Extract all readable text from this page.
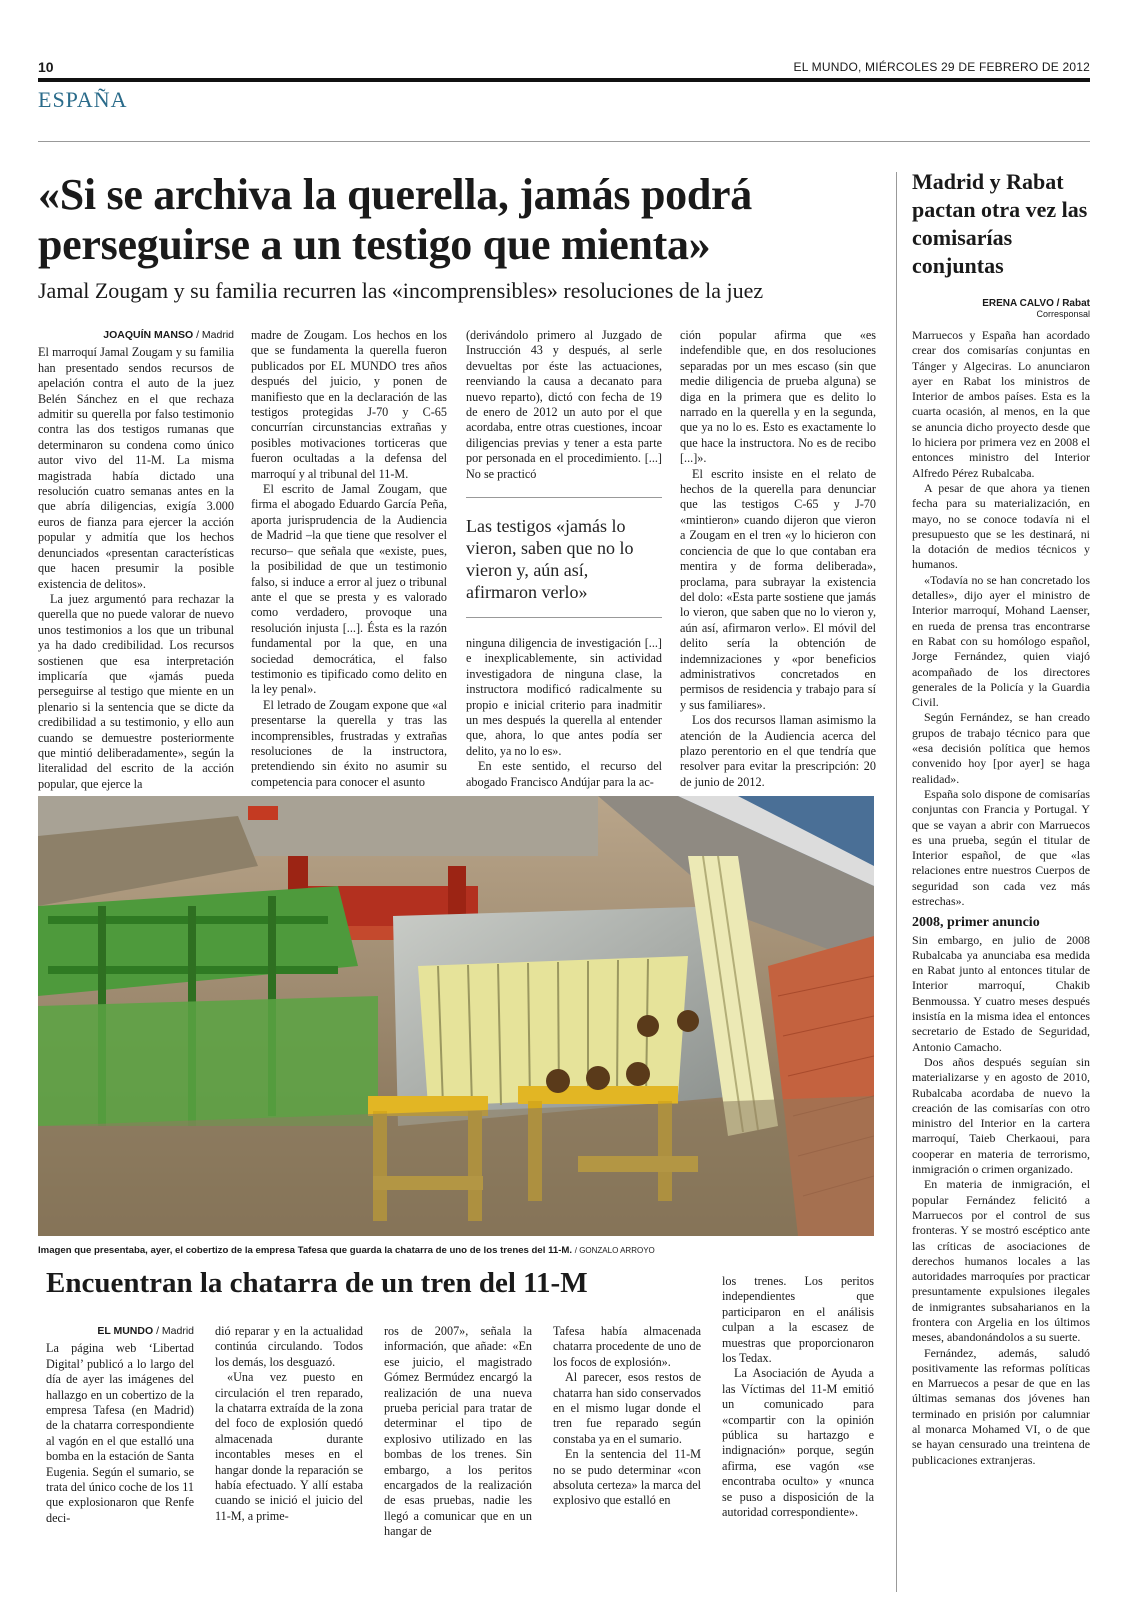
10	EL MUNDO, MIÉRCOLES 29 DE FEBRERO DE 2012
ESPAÑA
«Si se archiva la querella, jamás podrá perseguirse a un testigo que mienta»
Jamal Zougam y su familia recurren las «incomprensibles» resoluciones de la juez
JOAQUÍN MANSO / Madrid

El marroquí Jamal Zougam y su familia han presentado sendos recursos de apelación contra el auto de la juez Belén Sánchez en el que rechaza admitir su querella por falso testimonio contra las dos testigos rumanas que determinaron su condena como único autor vivo del 11-M. La misma magistrada había dictado una resolución cuatro semanas antes en la que abría diligencias, exigía 3.000 euros de fianza para ejercer la acción popular y admitía que los hechos denunciados «presentan características que hacen presumir la posible existencia de delitos».

La juez argumentó para rechazar la querella que no puede valorar de nuevo unos testimonios a los que un tribunal ya ha dado credibilidad. Los recursos sostienen que esa interpretación implicaría que «jamás pueda perseguirse al testigo que miente en un plenario si la sentencia que se dicte da credibilidad a su testimonio, y ello aun cuando se demuestre posteriormente que mintió deliberadamente», según la literalidad del escrito de la acción popular, que ejerce la

madre de Zougam. Los hechos en los que se fundamenta la querella fueron publicados por EL MUNDO tres años después del juicio, y ponen de manifiesto que en la declaración de las testigos protegidas J-70 y C-65 concurrían circunstancias extrañas y posibles motivaciones torticeras que fueron ocultadas a la defensa del marroquí y al tribunal del 11-M.

El escrito de Jamal Zougam, que firma el abogado Eduardo García Peña, aporta jurisprudencia de la Audiencia de Madrid –la que tiene que resolver el recurso– que señala que «existe, pues, la posibilidad de que un testimonio falso, si induce a error al juez o tribunal ante el que se presta y es valorado como verdadero, provoque una resolución injusta [...]. Ésta es la razón fundamental por la que, en una sociedad democrática, el falso testimonio es tipificado como delito en la ley penal».

El letrado de Zougam expone que «al presentarse la querella y tras las incomprensibles, frustradas y extrañas resoluciones de la instructora, pretendiendo sin éxito no asumir su competencia para conocer el asunto

(derivándolo primero al Juzgado de Instrucción 43 y después, al serle devueltas por éste las actuaciones, reenviando la causa a decanato para nuevo reparto), dictó con fecha de 19 de enero de 2012 un auto por el que acordaba, entre otras cuestiones, incoar diligencias previas y tener a esta parte por personada en el procedimiento. [...] No se practicó

Las testigos «jamás lo vieron, saben que no lo vieron y, aún así, afirmaron verlo»

ninguna diligencia de investigación [...] e inexplicablemente, sin actividad investigadora de ninguna clase, la instructora modificó radicalmente su propio e inicial criterio para inadmitir un mes después la querella al entender que, ahora, lo que antes podía ser delito, ya no lo es».

En este sentido, el recurso del abogado Francisco Andújar para la ac-

ción popular afirma que «es indefendible que, en dos resoluciones separadas por un mes escaso (sin que medie diligencia de prueba alguna) se diga en la primera que es delito lo narrado en la querella y en la segunda, que ya no lo es. Esto es exactamente lo que hace la instructora. No es de recibo [...]».

El escrito insiste en el relato de hechos de la querella para denunciar que las testigos C-65 y J-70 «mintieron» cuando dijeron que vieron a Zougam en el tren «y lo hicieron con conciencia de que lo que contaban era mentira y de forma deliberada», proclama, para subrayar la existencia del dolo: «Esta parte sostiene que jamás lo vieron, que saben que no lo vieron y, aún así, afirmaron verlo». El móvil del delito sería la obtención de indemnizaciones y «por beneficios administrativos concretados en permisos de residencia y trabajo para sí y sus familiares».

Los dos recursos llaman asimismo la atención de la Audiencia acerca del plazo perentorio en el que tendría que resolver para evitar la prescripción: 20 de junio de 2012.

Imagen que presentaba, ayer, el cobertizo de la empresa Tafesa que guarda la chatarra de uno de los trenes del 11-M. / GONZALO ARROYO
Encuentran la chatarra de un tren del 11-M
EL MUNDO / Madrid

La página web ‘Libertad Digital’ publicó a lo largo del día de ayer las imágenes del hallazgo en un cobertizo de la empresa Tafesa (en Madrid) de la chatarra correspondiente al vagón en el que estalló una bomba en la estación de Santa Eugenia. Según el sumario, se trata del único coche de los 11 que explosionaron que Renfe deci-

dió reparar y en la actualidad continúa circulando. Todos los demás, los desguazó.

«Una vez puesto en circulación el tren reparado, la chatarra extraída de la zona del foco de explosión quedó almacenada durante incontables meses en el hangar donde la reparación se había efectuado. Y allí estaba cuando se inició el juicio del 11-M, a prime-

ros de 2007», señala la información, que añade: «En ese juicio, el magistrado Gómez Bermúdez encargó la realización de una nueva prueba pericial para tratar de determinar el tipo de explosivo utilizado en las bombas de los trenes. Sin embargo, a los peritos encargados de la realización de esas pruebas, nadie les llegó a comunicar que en un hangar de

Tafesa había almacenada chatarra procedente de uno de los focos de explosión».

Al parecer, esos restos de chatarra han sido conservados en el mismo lugar donde el tren fue reparado según constaba ya en el sumario.

En la sentencia del 11-M no se pudo determinar «con absoluta certeza» la marca del explosivo que estalló en

los trenes. Los peritos independientes que participaron en el análisis culpan a la escasez de muestras que proporcionaron los Tedax.

La Asociación de Ayuda a las Víctimas del 11-M emitió un comunicado para «compartir con la opinión pública su hartazgo e indignación» porque, según afirma, ese vagón «se encontraba oculto» y «nunca se puso a disposición de la autoridad correspondiente».

Madrid y Rabat pactan otra vez las comisarías conjuntas
ERENA CALVO / Rabat
Corresponsal

Marruecos y España han acordado crear dos comisarías conjuntas en Tánger y Algeciras. Lo anunciaron ayer en Rabat los ministros de Interior de ambos países. Esta es la cuarta ocasión, al menos, en la que se anuncia dicho proyecto desde que lo hiciera por primera vez en 2008 el entonces ministro del Interior Alfredo Pérez Rubalcaba.

A pesar de que ahora ya tienen fecha para su materialización, en mayo, no se conoce todavía ni el presupuesto que se les destinará, ni la dotación de medios técnicos y humanos.

«Todavía no se han concretado los detalles», dijo ayer el ministro de Interior marroquí, Mohand Laenser, en rueda de prensa tras encontrarse en Rabat con su homólogo español, Jorge Fernández, quien viajó acompañado de los directores generales de la Policía y la Guardia Civil.

Según Fernández, se han creado grupos de trabajo técnico para que «esa decisión política que hemos convenido hoy [por ayer] se haga realidad».

España solo dispone de comisarías conjuntas con Francia y Portugal. Y que se vayan a abrir con Marruecos es una prueba, según el titular de Interior español, de que «las relaciones entre nuestros Cuerpos de seguridad son cada vez más estrechas».

2008, primer anuncio

Sin embargo, en julio de 2008 Rubalcaba ya anunciaba esa medida en Rabat junto al entonces titular de Interior marroquí, Chakib Benmoussa. Y cuatro meses después insistía en la misma idea el entonces secretario de Estado de Seguridad, Antonio Camacho.

Dos años después seguían sin materializarse y en agosto de 2010, Rubalcaba acordaba de nuevo la creación de las comisarías con otro ministro del Interior en la cartera marroquí, Taieb Cherkaoui, para cooperar en materia de terrorismo, inmigración o crimen organizado.

En materia de inmigración, el popular Fernández felicitó a Marruecos por el control de sus fronteras. Y se mostró escéptico ante las críticas de asociaciones de derechos humanos locales a las autoridades marroquíes por practicar presuntamente expulsiones ilegales de inmigrantes subsaharianos en la frontera con Argelia en los últimos meses, abandonándolos a su suerte.

Fernández, además, saludó positivamente las reformas políticas en Marruecos a pesar de que en las últimas semanas dos jóvenes han terminado en prisión por calumniar al monarca Mohamed VI, o de que se hayan censurado una treintena de publicaciones extranjeras.
